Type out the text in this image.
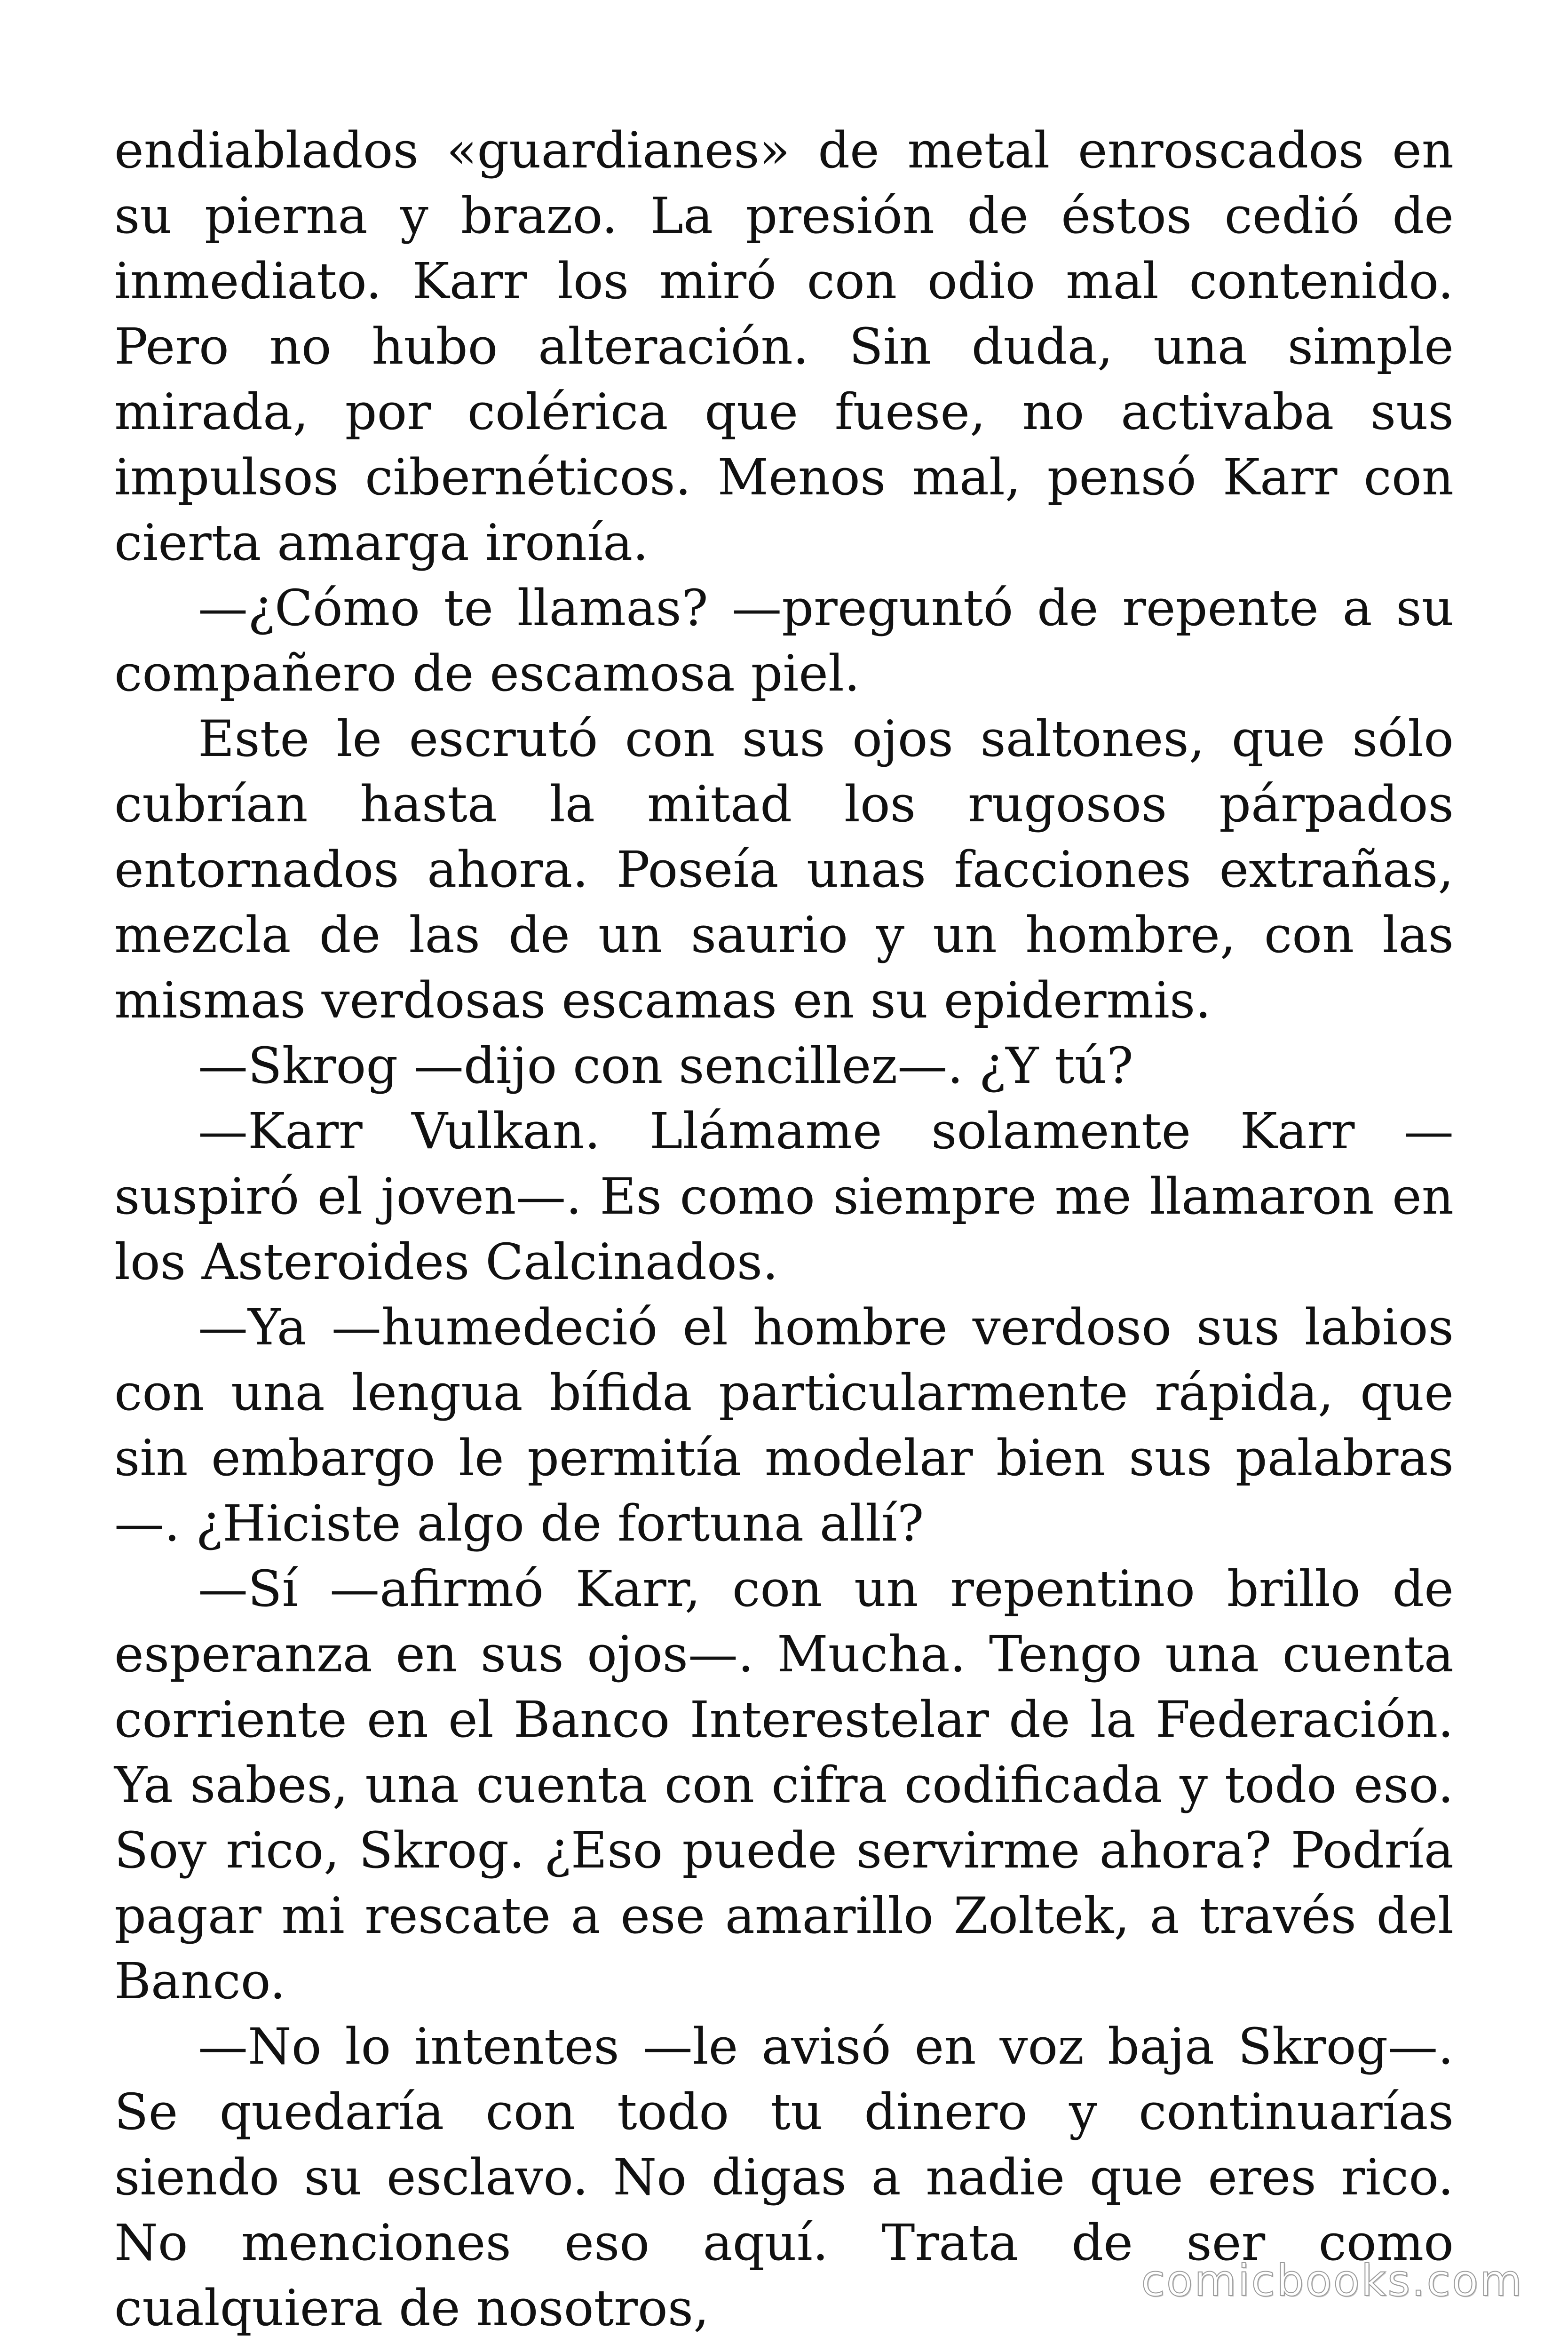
endiablados «guardianes» de metal enroscados en su pierna y brazo. La presión de éstos cedió de inmediato. Karr los miró con odio mal contenido. Pero no hubo alteración. Sin duda, una simple mirada, por colérica que fuese, no activaba sus impulsos cibernéticos. Menos mal, pensó Karr con cierta amarga ironía.

—¿Cómo te llamas? —preguntó de repente a su compañero de escamosa piel.

Este le escrutó con sus ojos saltones, que sólo cubrían hasta la mitad los rugosos párpados entornados ahora. Poseía unas facciones extrañas, mezcla de las de un saurio y un hombre, con las mismas verdosas escamas en su epidermis.

—Skrog —dijo con sencillez—. ¿Y tú?

—Karr Vulkan. Llámame solamente Karr —suspiró el joven—. Es como siempre me llamaron en los Asteroides Calcinados.

—Ya —humedeció el hombre verdoso sus labios con una lengua bífida particularmente rápida, que sin embargo le permitía modelar bien sus palabras—. ¿Hiciste algo de fortuna allí?

—Sí —afirmó Karr, con un repentino brillo de esperanza en sus ojos—. Mucha. Tengo una cuenta corriente en el Banco Interestelar de la Federación. Ya sabes, una cuenta con cifra codificada y todo eso. Soy rico, Skrog. ¿Eso puede servirme ahora? Podría pagar mi rescate a ese amarillo Zoltek, a través del Banco.

—No lo intentes —le avisó en voz baja Skrog—. Se quedaría con todo tu dinero y continuarías siendo su esclavo. No digas a nadie que eres rico. No menciones eso aquí. Trata de ser como cualquiera de nosotros,	comicbooks.com
